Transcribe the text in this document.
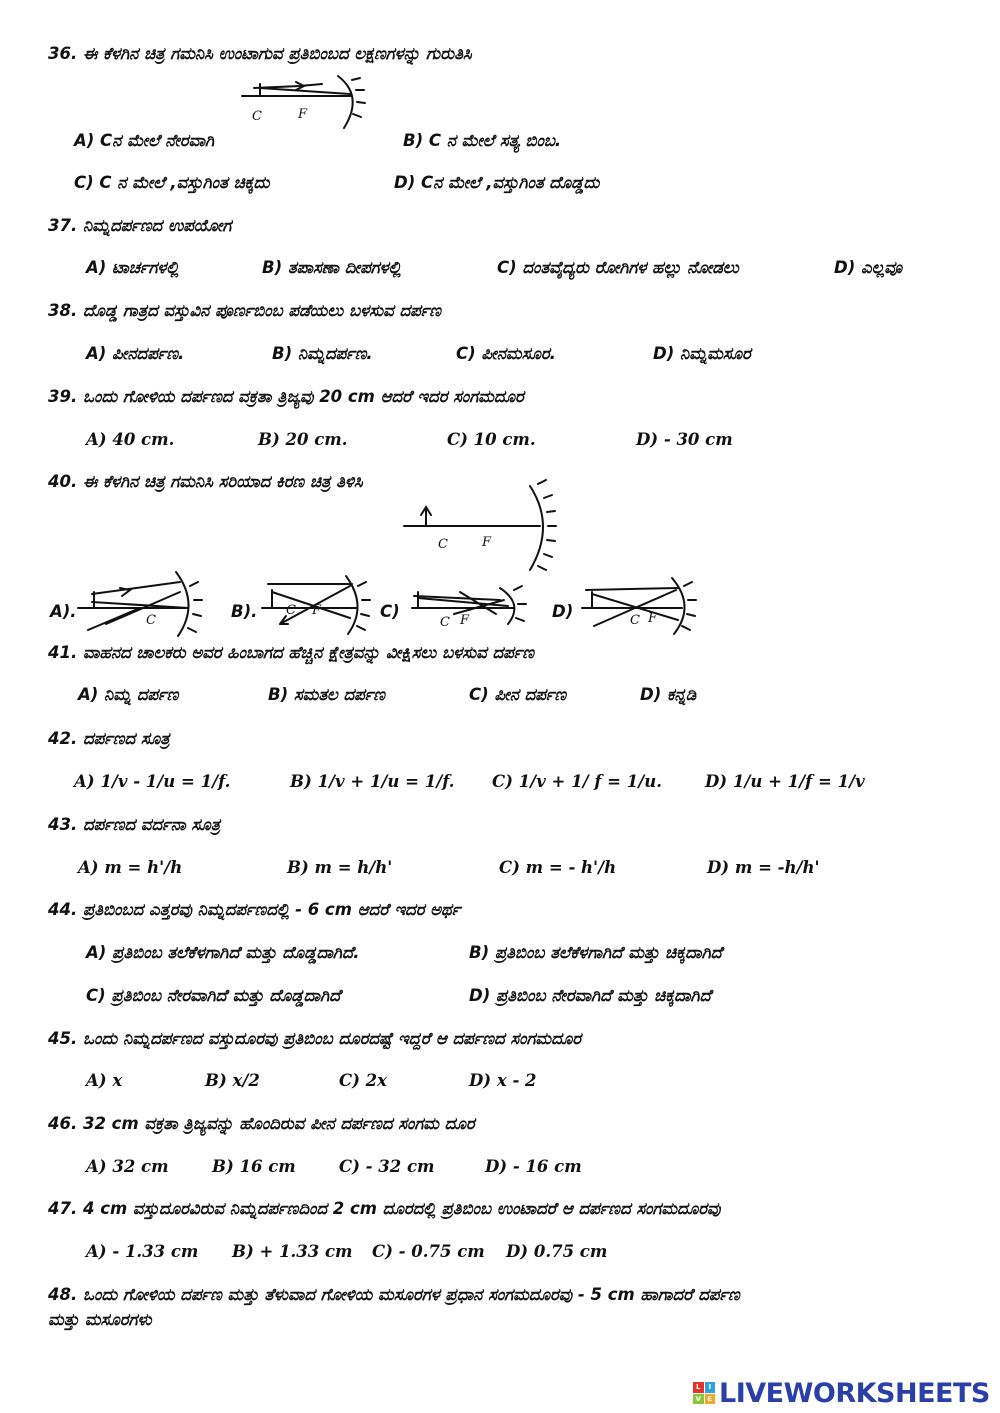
36. ಈ ಕೆಳಗಿನ ಚಿತ್ರ ಗಮನಿಸಿ ಉಂಟಾಗುವ ಪ್ರತಿಬಿಂಬದ ಲಕ್ಷಣಗಳನ್ನು ಗುರುತಿಸಿ
C	F
A) Cನ ಮೇಲೆ ನೇರವಾಗಿ	B) C ನ ಮೇಲೆ ಸತ್ಯ ಬಿಂಬ.
C) C ನ ಮೇಲೆ ,ವಸ್ತುಗಿಂತ ಚಿಕ್ಕದು	D) Cನ ಮೇಲೆ ,ವಸ್ತುಗಿಂತ ದೊಡ್ಡದು
37. ನಿಮ್ನದರ್ಪಣದ ಉಪಯೋಗ
A) ಟಾರ್ಚಗಳಲ್ಲಿ	B) ತಪಾಸಣಾ ದೀಪಗಳಲ್ಲಿ	C) ದಂತವೈದ್ಯರು ರೋಗಿಗಳ ಹಲ್ಲು ನೋಡಲು	D) ಎಲ್ಲವೂ
38. ದೊಡ್ಡ ಗಾತ್ರದ ವಸ್ತುವಿನ ಪೂರ್ಣಬಿಂಬ ಪಡೆಯಲು ಬಳಸುವ ದರ್ಪಣ
A) ಪೀನದರ್ಪಣ.	B) ನಿಮ್ನದರ್ಪಣ.	C) ಪೀನಮಸೂರ.	D) ನಿಮ್ನಮಸೂರ
39. ಒಂದು ಗೋಳಿಯ ದರ್ಪಣದ ವಕ್ರತಾ ತ್ರಿಜ್ಯವು 20 cm ಆದರೆ ಇದರ ಸಂಗಮದೂರ
A) 40 cm.	B) 20 cm.	C) 10 cm.	D) - 30 cm
40. ಈ ಕೆಳಗಿನ ಚಿತ್ರ ಗಮನಿಸಿ ಸರಿಯಾದ ಕಿರಣ ಚಿತ್ರ ತಿಳಿಸಿ
C	F
A).	C	B). C F	C)
C F	D)	C F
41. ವಾಹನದ ಚಾಲಕರು ಅವರ ಹಿಂಬಾಗದ ಹೆಚ್ಚಿನ ಕ್ಷೇತ್ರವನ್ನು ವೀಕ್ಷಿಸಲು ಬಳಸುವ ದರ್ಪಣ
A) ನಿಮ್ನ ದರ್ಪಣ	B) ಸಮತಲ ದರ್ಪಣ	C) ಪೀನ ದರ್ಪಣ	D) ಕನ್ನಡಿ
42. ದರ್ಪಣದ ಸೂತ್ರ
A) 1/v - 1/u = 1/f.	B) 1/v + 1/u = 1/f. C) 1/v + 1/ f = 1/u.	D) 1/u + 1/f = 1/v
43. ದರ್ಪಣದ ವರ್ದನಾ ಸೂತ್ರ
A) m = h'/h	B) m = h/h'	C) m = - h'/h	D) m = -h/h'
44. ಪ್ರತಿಬಿಂಬದ ಎತ್ತರವು ನಿಮ್ನದರ್ಪಣದಲ್ಲಿ - 6 cm ಆದರೆ ಇದರ ಅರ್ಥ
A) ಪ್ರತಿಬಿಂಬ ತಲೆಕೆಳಗಾಗಿದೆ ಮತ್ತು ದೊಡ್ಡದಾಗಿದೆ.	B) ಪ್ರತಿಬಿಂಬ ತಲೆಕೆಳಗಾಗಿದೆ ಮತ್ತು ಚಿಕ್ಕದಾಗಿದೆ
C) ಪ್ರತಿಬಿಂಬ ನೇರವಾಗಿದೆ ಮತ್ತು ದೊಡ್ಡದಾಗಿದೆ	D) ಪ್ರತಿಬಿಂಬ ನೇರವಾಗಿದೆ ಮತ್ತು ಚಿಕ್ಕದಾಗಿದೆ
45. ಒಂದು ನಿಮ್ನದರ್ಪಣದ ವಸ್ತುದೂರವು ಪ್ರತಿಬಿಂಬ ದೂರದಷ್ಟೆ ಇದ್ದರೆ ಆ ದರ್ಪಣದ ಸಂಗಮದೂರ
A) x	B) x/2	C) 2x	D) x - 2
46. 32 cm ವಕ್ರತಾ ತ್ರಿಜ್ಯವನ್ನು ಹೊಂದಿರುವ ಪೀನ ದರ್ಪಣದ ಸಂಗಮ ದೂರ
A) 32 cm	B) 16 cm	C) - 32 cm	D) - 16 cm
47. 4 cm ವಸ್ತುದೂರವಿರುವ ನಿಮ್ನದರ್ಪಣದಿಂದ 2 cm ದೂರದಲ್ಲಿ ಪ್ರತಿಬಿಂಬ ಉಂಟಾದರೆ ಆ ದರ್ಪಣದ ಸಂಗಮದೂರವು
A) - 1.33 cm B) + 1.33 cm C) - 0.75 cm D) 0.75 cm
48. ಒಂದು ಗೋಳಿಯ ದರ್ಪಣ ಮತ್ತು ತೆಳುವಾದ ಗೋಳಿಯ ಮಸೂರಗಳ ಪ್ರಧಾನ ಸಂಗಮದೂರವು - 5 cm ಹಾಗಾದರೆ ದರ್ಪಣ
ಮತ್ತು ಮಸೂರಗಳು
L	I
V E LIVEWORKSHEETS
